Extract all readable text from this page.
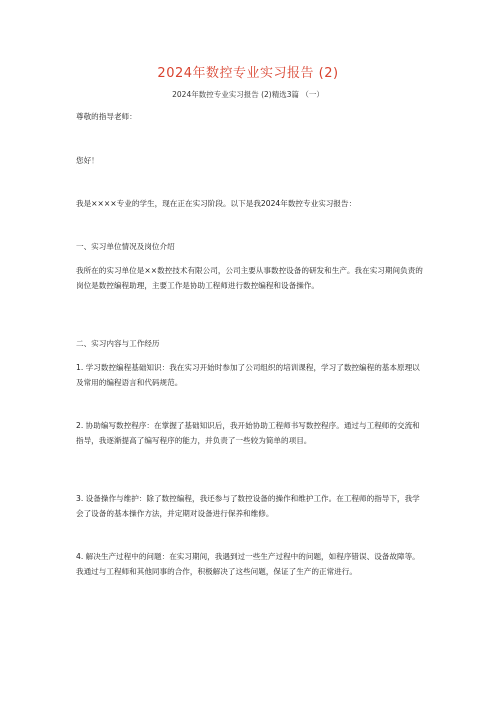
2024年数控专业实习报告 (2)
2024年数控专业实习报告 (2)精选3篇 （一）
尊敬的指导老师：
您好！
我是××××专业的学生，现在正在实习阶段。以下是我2024年数控专业实习报告：
一、实习单位情况及岗位介绍
我所在的实习单位是××数控技术有限公司，公司主要从事数控设备的研发和生产。我在实习期间负责的岗位是数控编程助理，主要工作是协助工程师进行数控编程和设备操作。
二、实习内容与工作经历
1. 学习数控编程基础知识：我在实习开始时参加了公司组织的培训课程，学习了数控编程的基本原理以及常用的编程语言和代码规范。
2. 协助编写数控程序：在掌握了基础知识后，我开始协助工程师书写数控程序。通过与工程师的交流和指导，我逐渐提高了编写程序的能力，并负责了一些较为简单的项目。
3. 设备操作与维护：除了数控编程，我还参与了数控设备的操作和维护工作。在工程师的指导下，我学会了设备的基本操作方法，并定期对设备进行保养和维修。
4. 解决生产过程中的问题：在实习期间，我遇到过一些生产过程中的问题，如程序错误、设备故障等。我通过与工程师和其他同事的合作，积极解决了这些问题，保证了生产的正常进行。
